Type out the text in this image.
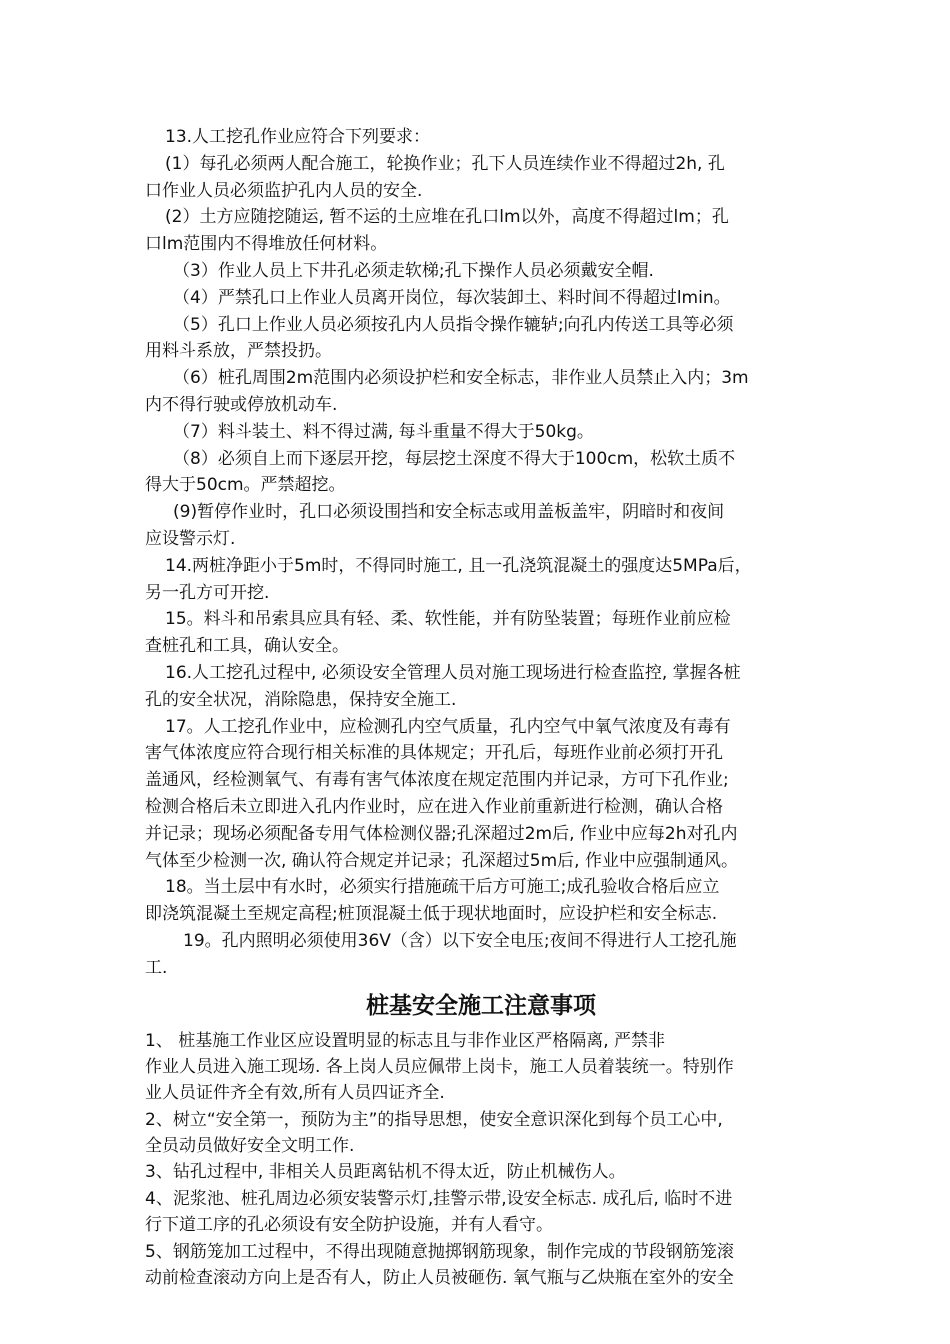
13.人工挖孔作业应符合下列要求：
(1）每孔必须两人配合施工，轮换作业；孔下人员连续作业不得超过2h, 孔
口作业人员必须监护孔内人员的安全.
(2）土方应随挖随运, 暂不运的土应堆在孔口lm以外，高度不得超过lm；孔
口lm范围内不得堆放任何材料。
（3）作业人员上下井孔必须走软梯;孔下操作人员必须戴安全帽.
（4）严禁孔口上作业人员离开岗位，每次装卸土、料时间不得超过lmin。
（5）孔口上作业人员必须按孔内人员指令操作辘轳;向孔内传送工具等必须
用料斗系放，严禁投扔。
（6）桩孔周围2m范围内必须设护栏和安全标志，非作业人员禁止入内；3m
内不得行驶或停放机动车.
（7）料斗装土、料不得过满, 每斗重量不得大于50kg。
（8）必须自上而下逐层开挖，每层挖土深度不得大于100cm，松软土质不
得大于50cm。严禁超挖。
(9)暂停作业时，孔口必须设围挡和安全标志或用盖板盖牢，阴暗时和夜间
应设警示灯.
14.两桩净距小于5m时，不得同时施工, 且一孔浇筑混凝土的强度达5MPa后，
另一孔方可开挖.
15。料斗和吊索具应具有轻、柔、软性能，并有防坠装置；每班作业前应检
查桩孔和工具，确认安全。
16.人工挖孔过程中, 必须设安全管理人员对施工现场进行检查监控, 掌握各桩
孔的安全状况，消除隐患，保持安全施工.
17。人工挖孔作业中，应检测孔内空气质量，孔内空气中氧气浓度及有毒有
害气体浓度应符合现行相关标准的具体规定；开孔后，每班作业前必须打开孔
盖通风，经检测氧气、有毒有害气体浓度在规定范围内并记录，方可下孔作业;
检测合格后未立即进入孔内作业时，应在进入作业前重新进行检测，确认合格
并记录；现场必须配备专用气体检测仪器;孔深超过2m后, 作业中应每2h对孔内
气体至少检测一次, 确认符合规定并记录；孔深超过5m后, 作业中应强制通风。
18。当土层中有水时，必须实行措施疏干后方可施工;成孔验收合格后应立
即浇筑混凝土至规定高程;桩顶混凝土低于现状地面时，应设护栏和安全标志.
19。孔内照明必须使用36V（含）以下安全电压;夜间不得进行人工挖孔施
工.
桩基安全施工注意事项
1、 桩基施工作业区应设置明显的标志且与非作业区严格隔离, 严禁非
作业人员进入施工现场. 各上岗人员应佩带上岗卡，施工人员着装统一。特别作
业人员证件齐全有效,所有人员四证齐全.
2、树立“安全第一，预防为主”的指导思想，使安全意识深化到每个员工心中,
全员动员做好安全文明工作.
3、钻孔过程中, 非相关人员距离钻机不得太近，防止机械伤人。
4、泥浆池、桩孔周边必须安装警示灯,挂警示带,设安全标志. 成孔后, 临时不进
行下道工序的孔必须设有安全防护设施，并有人看守。
5、钢筋笼加工过程中，不得出现随意抛掷钢筋现象，制作完成的节段钢筋笼滚
动前检查滚动方向上是否有人，防止人员被砸伤. 氧气瓶与乙炔瓶在室外的安全
